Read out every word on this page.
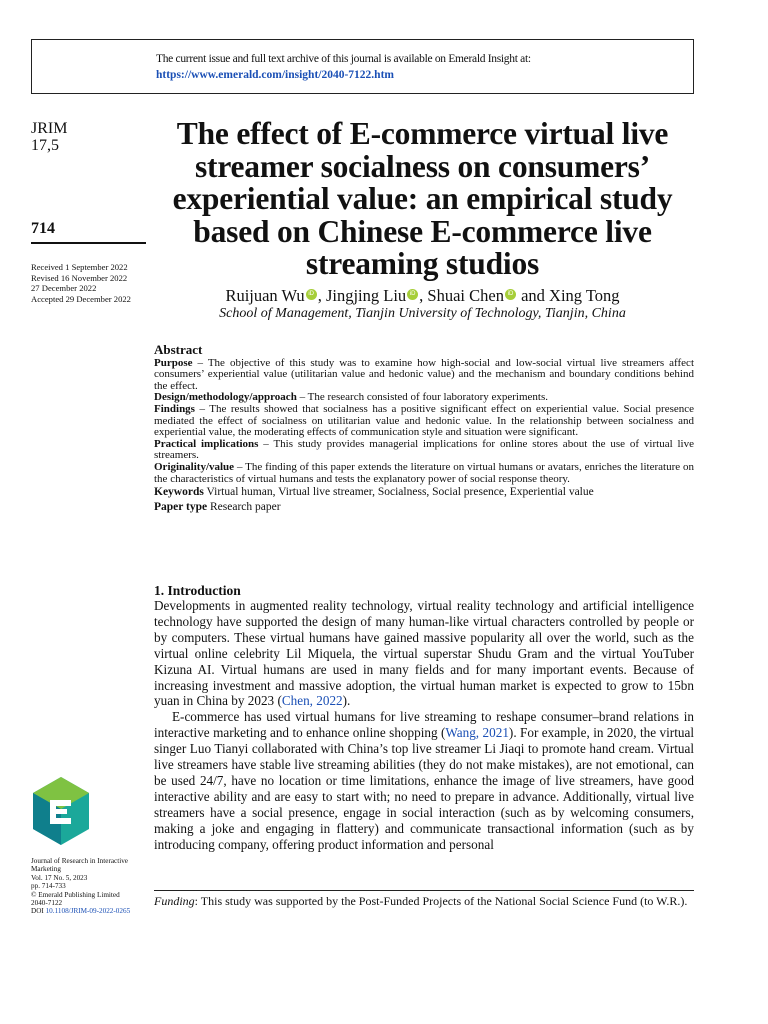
The current issue and full text archive of this journal is available on Emerald Insight at:
https://www.emerald.com/insight/2040-7122.htm
JRIM
17,5
714
Received 1 September 2022
Revised 16 November 2022
27 December 2022
Accepted 29 December 2022
The effect of E-commerce virtual live streamer socialness on consumers’ experiential value: an empirical study based on Chinese E-commerce live streaming studios
Ruijuan Wu iD , Jingjing Liu iD , Shuai Chen iD and Xing Tong
School of Management, Tianjin University of Technology, Tianjin, China
Abstract

Purpose – The objective of this study was to examine how high-social and low-social virtual live streamers affect consumers’ experiential value (utilitarian value and hedonic value) and the mechanism and boundary conditions behind the effect.

Design/methodology/approach – The research consisted of four laboratory experiments.

Findings – The results showed that socialness has a positive significant effect on experiential value. Social presence mediated the effect of socialness on utilitarian value and hedonic value. In the relationship between socialness and experiential value, the moderating effects of communication style and situation were significant.

Practical implications – This study provides managerial implications for online stores about the use of virtual live streamers.

Originality/value – The finding of this paper extends the literature on virtual humans or avatars, enriches the literature on the characteristics of virtual humans and tests the explanatory power of social response theory.

Keywords Virtual human, Virtual live streamer, Socialness, Social presence, Experiential value

Paper type Research paper

1. Introduction

Developments in augmented reality technology, virtual reality technology and artificial intelligence technology have supported the design of many human-like virtual characters controlled by people or by computers. These virtual humans have gained massive popularity all over the world, such as the virtual online celebrity Lil Miquela, the virtual superstar Shudu Gram and the virtual YouTuber Kizuna AI. Virtual humans are used in many fields and for many important events. Because of increasing investment and massive adoption, the virtual human market is expected to grow to 15bn yuan in China by 2023 (Chen, 2022).

E-commerce has used virtual humans for live streaming to reshape consumer–brand relations in interactive marketing and to enhance online shopping (Wang, 2021). For example, in 2020, the virtual singer Luo Tianyi collaborated with China’s top live streamer Li Jiaqi to promote hand cream. Virtual live streamers have stable live streaming abilities (they do not make mistakes), are not emotional, can be used 24/7, have no location or time limitations, enhance the image of live streamers, have good interactive ability and are easy to start with; no need to prepare in advance. Additionally, virtual live streamers have a social presence, engage in social interaction (such as by welcoming consumers, making a joke and engaging in flattery) and communicate transactional information (such as by introducing company, offering product information and personal

Journal of Research in Interactive Marketing
Vol. 17 No. 5, 2023
pp. 714-733
© Emerald Publishing Limited
2040-7122
DOI 10.1108/JRIM-09-2022-0265
Funding: This study was supported by the Post-Funded Projects of the National Social Science Fund (to W.R.).
